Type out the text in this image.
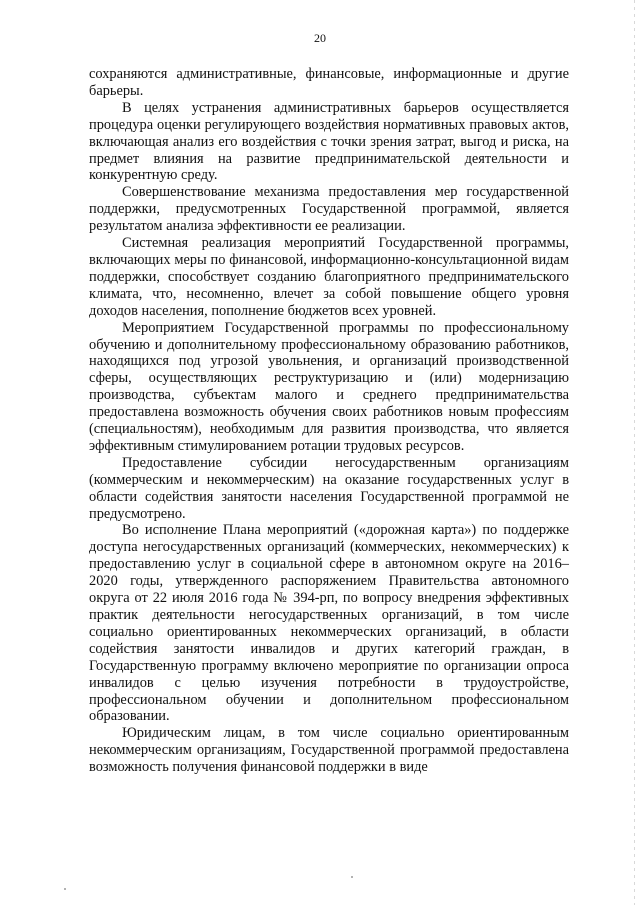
20

сохраняются административные, финансовые, информационные и другие барьеры.

В целях устранения административных барьеров осуществляется процедура оценки регулирующего воздействия нормативных правовых актов, включающая анализ его воздействия с точки зрения затрат, выгод и риска, на предмет влияния на развитие предпринимательской деятельности и конкурентную среду.

Совершенствование механизма предоставления мер государственной поддержки, предусмотренных Государственной программой, является результатом анализа эффективности ее реализации.

Системная реализация мероприятий Государственной программы, включающих меры по финансовой, информационно-консультационной видам поддержки, способствует созданию благоприятного предпринимательского климата, что, несомненно, влечет за собой повышение общего уровня доходов населения, пополнение бюджетов всех уровней.

Мероприятием Государственной программы по профессиональному обучению и дополнительному профессиональному образованию работников, находящихся под угрозой увольнения, и организаций производственной сферы, осуществляющих реструктуризацию и (или) модернизацию производства, субъектам малого и среднего предпринимательства предоставлена возможность обучения своих работников новым профессиям (специальностям), необходимым для развития производства, что является эффективным стимулированием ротации трудовых ресурсов.

Предоставление субсидии негосударственным организациям (коммерческим и некоммерческим) на оказание государственных услуг в области содействия занятости населения Государственной программой не предусмотрено.

Во исполнение Плана мероприятий («дорожная карта») по поддержке доступа негосударственных организаций (коммерческих, некоммерческих) к предоставлению услуг в социальной сфере в автономном округе на 2016–2020 годы, утвержденного распоряжением Правительства автономного округа от 22 июля 2016 года № 394-рп, по вопросу внедрения эффективных практик деятельности негосударственных организаций, в том числе социально ориентированных некоммерческих организаций, в области содействия занятости инвалидов и других категорий граждан, в Государственную программу включено мероприятие по организации опроса инвалидов с целью изучения потребности в трудоустройстве, профессиональном обучении и дополнительном профессиональном образовании.

Юридическим лицам, в том числе социально ориентированным некоммерческим организациям, Государственной программой предоставлена возможность получения финансовой поддержки в виде
